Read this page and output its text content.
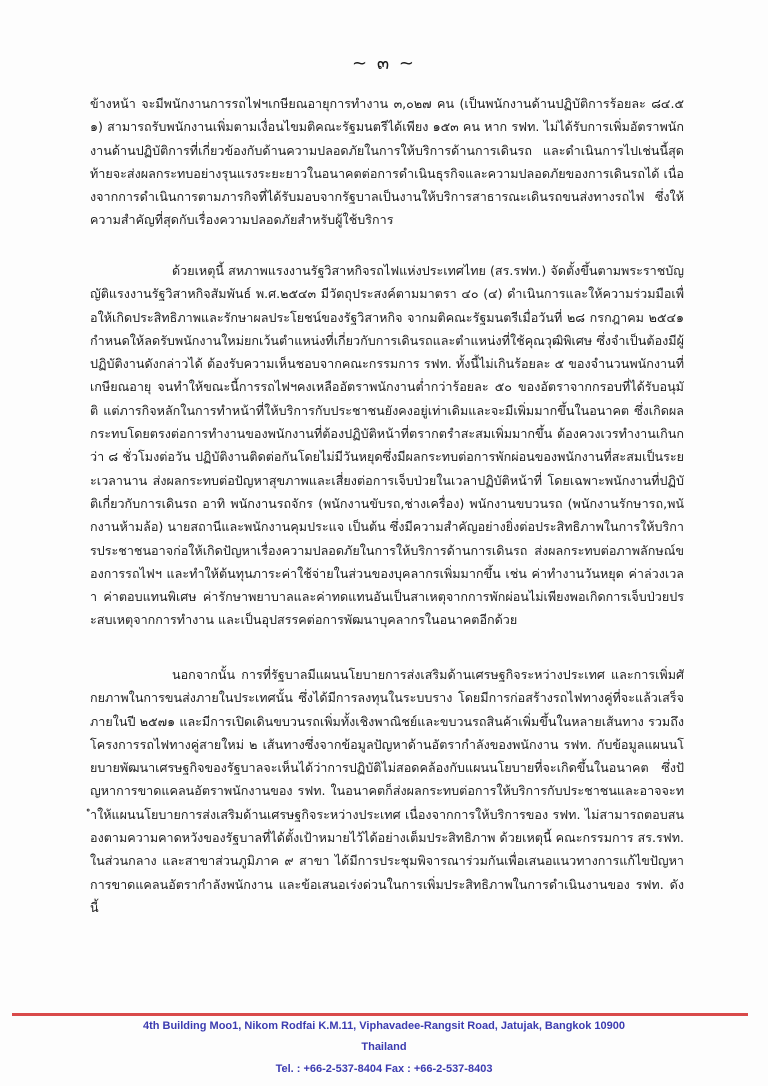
~ ๓ ~

ข้างหน้า จะมีพนักงานการรถไฟฯเกษียณอายุการทำงาน ๓,๐๒๗ คน (เป็นพนักงานด้านปฏิบัติการร้อยละ ๘๔.๕๑) สามารถรับพนักงานเพิ่มตามเงื่อนไขมติคณะรัฐมนตรีได้เพียง ๑๕๓ คน หาก รฟท. ไม่ได้รับการเพิ่มอัตราพนักงานด้านปฏิบัติการที่เกี่ยวข้องกับด้านความปลอดภัยในการให้บริการด้านการเดินรถ และดำเนินการไปเช่นนี้สุดท้ายจะส่งผลกระทบอย่างรุนแรงระยะยาวในอนาคตต่อการดำเนินธุรกิจและความปลอดภัยของการเดินรถได้ เนื่องจากการดำเนินการตามภารกิจที่ได้รับมอบจากรัฐบาลเป็นงานให้บริการสาธารณะเดินรถขนส่งทางรถไฟ ซึ่งให้ความสำคัญที่สุดกับเรื่องความปลอดภัยสำหรับผู้ใช้บริการ

ด้วยเหตุนี้ สหภาพแรงงานรัฐวิสาหกิจรถไฟแห่งประเทศไทย (สร.รฟท.) จัดตั้งขึ้นตามพระราชบัญญัติแรงงานรัฐวิสาหกิจสัมพันธ์ พ.ศ.๒๕๔๓ มีวัตถุประสงค์ตามมาตรา ๔๐ (๔) ดำเนินการและให้ความร่วมมือเพื่อให้เกิดประสิทธิภาพและรักษาผลประโยชน์ของรัฐวิสาหกิจ จากมติคณะรัฐมนตรีเมื่อวันที่ ๒๘ กรกฎาคม ๒๕๔๑ กำหนดให้ลดรับพนักงานใหม่ยกเว้นตำแหน่งที่เกี่ยวกับการเดินรถและตำแหน่งที่ใช้คุณวุฒิพิเศษ ซึ่งจำเป็นต้องมีผู้ปฏิบัติงานดังกล่าวได้ ต้องรับความเห็นชอบจากคณะกรรมการ รฟท. ทั้งนี้ไม่เกินร้อยละ ๕ ของจำนวนพนักงานที่เกษียณอายุ จนทำให้ขณะนี้การรถไฟฯคงเหลืออัตราพนักงานต่ำกว่าร้อยละ ๕๐ ของอัตราจากกรอบที่ได้รับอนุมัติ แต่ภารกิจหลักในการทำหน้าที่ให้บริการกับประชาชนยังคงอยู่เท่าเดิมและจะมีเพิ่มมากขึ้นในอนาคต ซึ่งเกิดผลกระทบโดยตรงต่อการทำงานของพนักงานที่ต้องปฏิบัติหน้าที่ตรากตรำสะสมเพิ่มมากขึ้น ต้องควงเวรทำงานเกินกว่า ๘ ชั่วโมงต่อวัน ปฏิบัติงานติดต่อกันโดยไม่มีวันหยุดซึ่งมีผลกระทบต่อการพักผ่อนของพนักงานที่สะสมเป็นระยะเวลานาน ส่งผลกระทบต่อปัญหาสุขภาพและเสี่ยงต่อการเจ็บป่วยในเวลาปฏิบัติหน้าที่ โดยเฉพาะพนักงานที่ปฏิบัติเกี่ยวกับการเดินรถ อาทิ พนักงานรถจักร (พนักงานขับรถ,ช่างเครื่อง) พนักงานขบวนรถ (พนักงานรักษารถ,พนักงานห้ามล้อ) นายสถานีและพนักงานคุมประแจ เป็นต้น ซึ่งมีความสำคัญอย่างยิ่งต่อประสิทธิภาพในการให้บริการประชาชนอาจก่อให้เกิดปัญหาเรื่องความปลอดภัยในการให้บริการด้านการเดินรถ ส่งผลกระทบต่อภาพลักษณ์ของการรถไฟฯ และทำให้ต้นทุนภาระค่าใช้จ่ายในส่วนของบุคลากรเพิ่มมากขึ้น เช่น ค่าทำงานวันหยุด ค่าล่วงเวลา ค่าตอบแทนพิเศษ ค่ารักษาพยาบาลและค่าทดแทนอันเป็นสาเหตุจากการพักผ่อนไม่เพียงพอเกิดการเจ็บป่วยประสบเหตุจากการทำงาน และเป็นอุปสรรคต่อการพัฒนาบุคลากรในอนาคตอีกด้วย

นอกจากนั้น การที่รัฐบาลมีแผนนโยบายการส่งเสริมด้านเศรษฐกิจระหว่างประเทศ และการเพิ่มศักยภาพในการขนส่งภายในประเทศนั้น ซึ่งได้มีการลงทุนในระบบราง โดยมีการก่อสร้างรถไฟทางคู่ที่จะแล้วเสร็จภายในปี ๒๕๗๑ และมีการเปิดเดินขบวนรถเพิ่มทั้งเชิงพาณิชย์และขบวนรถสินค้าเพิ่มขึ้นในหลายเส้นทาง รวมถึงโครงการรถไฟทางคู่สายใหม่ ๒ เส้นทางซึ่งจากข้อมูลปัญหาด้านอัตรากำลังของพนักงาน รฟท. กับข้อมูลแผนนโยบายพัฒนาเศรษฐกิจของรัฐบาลจะเห็นได้ว่าการปฏิบัติไม่สอดคล้องกับแผนนโยบายที่จะเกิดขึ้นในอนาคต ซึ่งปัญหาการขาดแคลนอัตราพนักงานของ รฟท. ในอนาคตก็ส่งผลกระทบต่อการให้บริการกับประชาชนและอาจจะทำให้แผนนโยบายการส่งเสริมด้านเศรษฐกิจระหว่างประเทศ เนื่องจากการให้บริการของ รฟท. ไม่สามารถตอบสนองตามความคาดหวังของรัฐบาลที่ได้ตั้งเป้าหมายไว้ได้อย่างเต็มประสิทธิภาพ ด้วยเหตุนี้ คณะกรรมการ สร.รฟท. ในส่วนกลาง และสาขาส่วนภูมิภาค ๙ สาขา ได้มีการประชุมพิจารณาร่วมกันเพื่อเสนอแนวทางการแก้ไขปัญหาการขาดแคลนอัตรากำลังพนักงาน และข้อเสนอเร่งด่วนในการเพิ่มประสิทธิภาพในการดำเนินงานของ รฟท. ดังนี้

4th Building Moo1, Nikom Rodfai K.M.11, Viphavadee-Rangsit Road, Jatujak, Bangkok 10900
Thailand
Tel. : +66-2-537-8404 Fax : +66-2-537-8403
